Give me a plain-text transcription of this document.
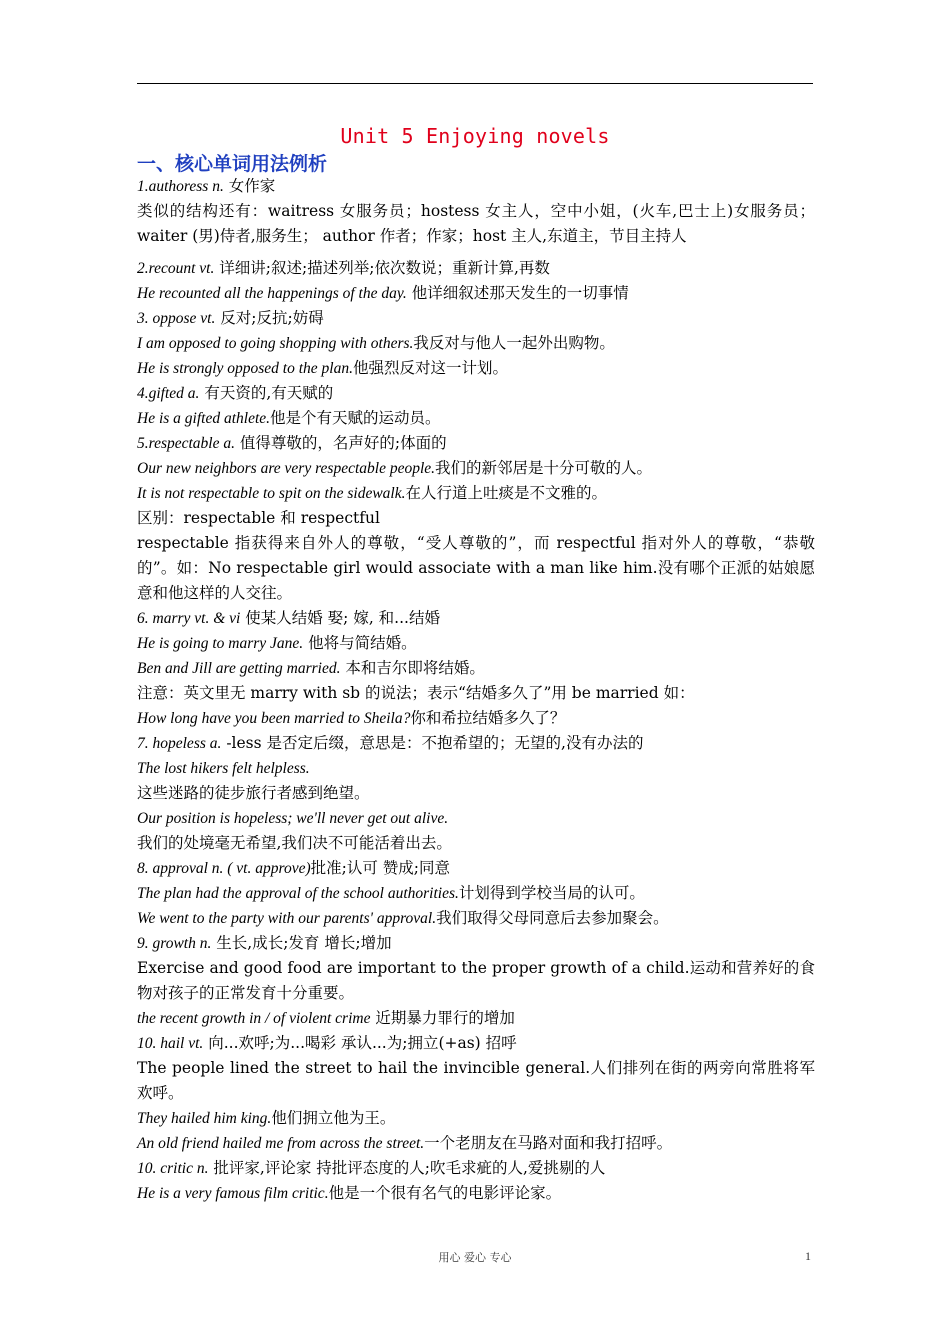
Unit 5 Enjoying novels
一、核心单词用法例析
1.authoress n. 女作家
类似的结构还有：waitress 女服务员；hostess 女主人，空中小姐，(火车,巴士上)女服务员； waiter (男)侍者,服务生； author 作者；作家；host 主人,东道主，节目主持人
2.recount vt. 详细讲;叙述;描述列举;依次数说；重新计算,再数
He recounted all the happenings of the day. 他详细叙述那天发生的一切事情
3. oppose vt. 反对;反抗;妨碍
I am opposed to going shopping with others.我反对与他人一起外出购物。
He is strongly opposed to the plan.他强烈反对这一计划。
4.gifted a. 有天资的,有天赋的
He is a gifted athlete.他是个有天赋的运动员。
5.respectable a. 值得尊敬的，名声好的;体面的
Our new neighbors are very respectable people.我们的新邻居是十分可敬的人。
It is not respectable to spit on the sidewalk.在人行道上吐痰是不文雅的。
区别：respectable 和 respectful
respectable 指获得来自外人的尊敬，“受人尊敬的”，而 respectful 指对外人的尊敬，“恭敬的”。如：No respectable girl would associate with a man like him.没有哪个正派的姑娘愿意和他这样的人交往。
6. marry vt. & vi 使某人结婚 娶; 嫁, 和...结婚
He is going to marry Jane. 他将与简结婚。
Ben and Jill are getting married. 本和吉尔即将结婚。
注意：英文里无 marry with sb 的说法；表示“结婚多久了”用 be married 如：
How long have you been married to Sheila?你和希拉结婚多久了？
7. hopeless a. -less 是否定后缀，意思是：不抱希望的；无望的,没有办法的
The lost hikers felt helpless.
这些迷路的徒步旅行者感到绝望。
Our position is hopeless; we'll never get out alive.
我们的处境毫无希望,我们决不可能活着出去。
8. approval n. ( vt. approve)批准;认可 赞成;同意
The plan had the approval of the school authorities.计划得到学校当局的认可。
We went to the party with our parents' approval.我们取得父母同意后去参加聚会。
9. growth n. 生长,成长;发育 增长;增加
Exercise and good food are important to the proper growth of a child.运动和营养好的食物对孩子的正常发育十分重要。
the recent growth in / of violent crime 近期暴力罪行的增加
10. hail vt. 向...欢呼;为...喝彩 承认...为;拥立(+as) 招呼
The people lined the street to hail the invincible general.人们排列在街的两旁向常胜将军欢呼。
They hailed him king.他们拥立他为王。
An old friend hailed me from across the street.一个老朋友在马路对面和我打招呼。
10. critic n. 批评家,评论家 持批评态度的人;吹毛求疵的人,爱挑剔的人
He is a very famous film critic.他是一个很有名气的电影评论家。
用心 爱心 专心	1
